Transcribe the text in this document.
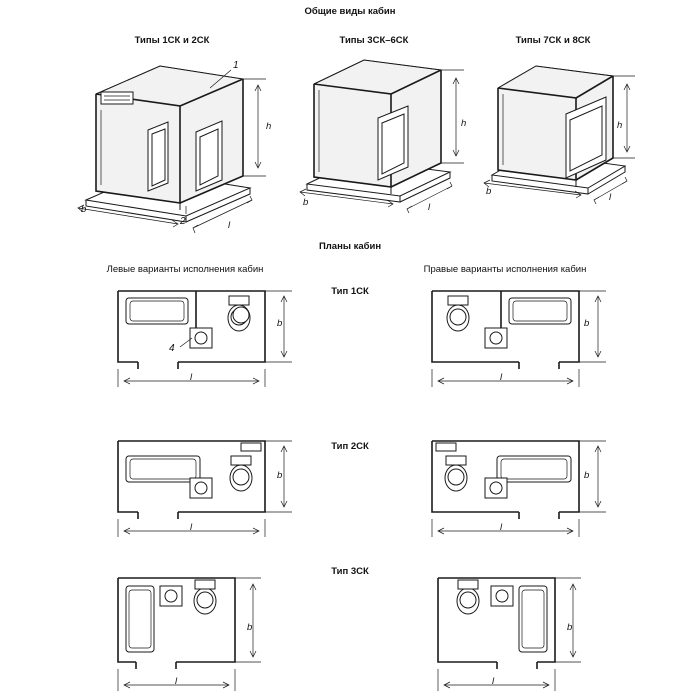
Общие виды кабин
Типы 1СК и 2СК	Типы 3СК–6СК	Типы 7СК и 8СК
Планы кабин
Левые варианты исполнения кабин	Правые варианты исполнения кабин
Тип 1СК
Тип 2СК
Тип 3СК
1
2
4
h
b
l
h
b	l
h
b
l
b
l
b
l
b
l
b
l
b
l
b
l
